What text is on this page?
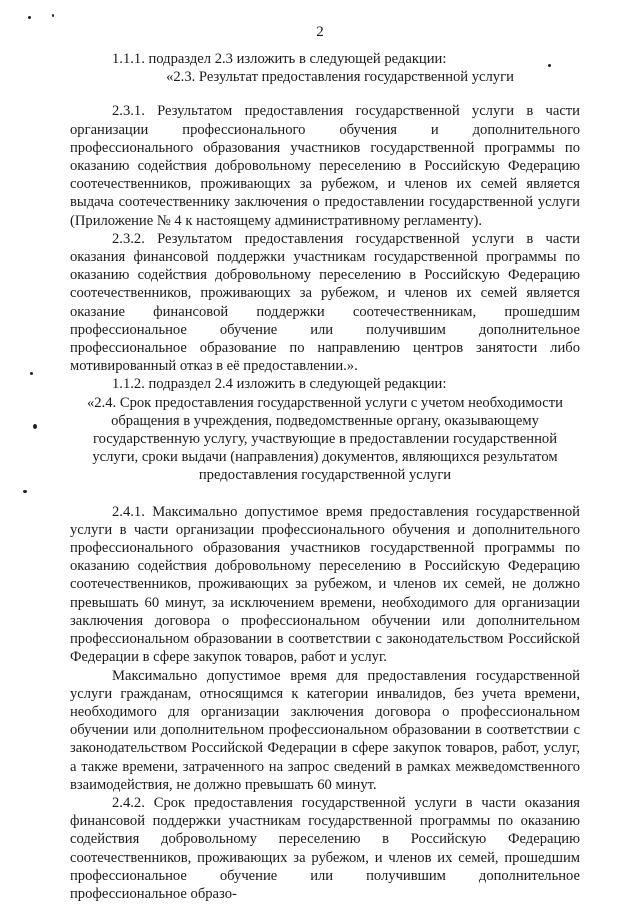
2

1.1.1. подраздел 2.3 изложить в следующей редакции:

«2.3. Результат предоставления государственной услуги

2.3.1. Результатом предоставления государственной услуги в части организации профессионального обучения и дополнительного профессионального образования участников государственной программы по оказанию содействия добровольному переселению в Российскую Федерацию соотечественников, проживающих за рубежом, и членов их семей является выдача соотечественнику заключения о предоставлении государственной услуги (Приложение № 4 к настоящему административному регламенту).

2.3.2. Результатом предоставления государственной услуги в части оказания финансовой поддержки участникам государственной программы по оказанию содействия добровольному переселению в Российскую Федерацию соотечественников, проживающих за рубежом, и членов их семей является оказание финансовой поддержки соотечественникам, прошедшим профессиональное обучение или получившим дополнительное профессиональное образование по направлению центров занятости либо мотивированный отказ в её предоставлении.».

1.1.2. подраздел 2.4 изложить в следующей редакции:

«2.4. Срок предоставления государственной услуги с учетом необходимости обращения в учреждения, подведомственные органу, оказывающему государственную услугу, участвующие в предоставлении государственной услуги, сроки выдачи (направления) документов, являющихся результатом предоставления государственной услуги

2.4.1. Максимально допустимое время предоставления государственной услуги в части организации профессионального обучения и дополнительного профессионального образования участников государственной программы по оказанию содействия добровольному переселению в Российскую Федерацию соотечественников, проживающих за рубежом, и членов их семей, не должно превышать 60 минут, за исключением времени, необходимого для организации заключения договора о профессиональном обучении или дополнительном профессиональном образовании в соответствии с законодательством Российской Федерации в сфере закупок товаров, работ и услуг.

Максимально допустимое время для предоставления государственной услуги гражданам, относящимся к категории инвалидов, без учета времени, необходимого для организации заключения договора о профессиональном обучении или дополнительном профессиональном образовании в соответствии с законодательством Российской Федерации в сфере закупок товаров, работ, услуг, а также времени, затраченного на запрос сведений в рамках межведомственного взаимодействия, не должно превышать 60 минут.

2.4.2. Срок предоставления государственной услуги в части оказания финансовой поддержки участникам государственной программы по оказанию содействия добровольному переселению в Российскую Федерацию соотечественников, проживающих за рубежом, и членов их семей, прошедшим профессиональное обучение или получившим дополнительное профессиональное образо-
